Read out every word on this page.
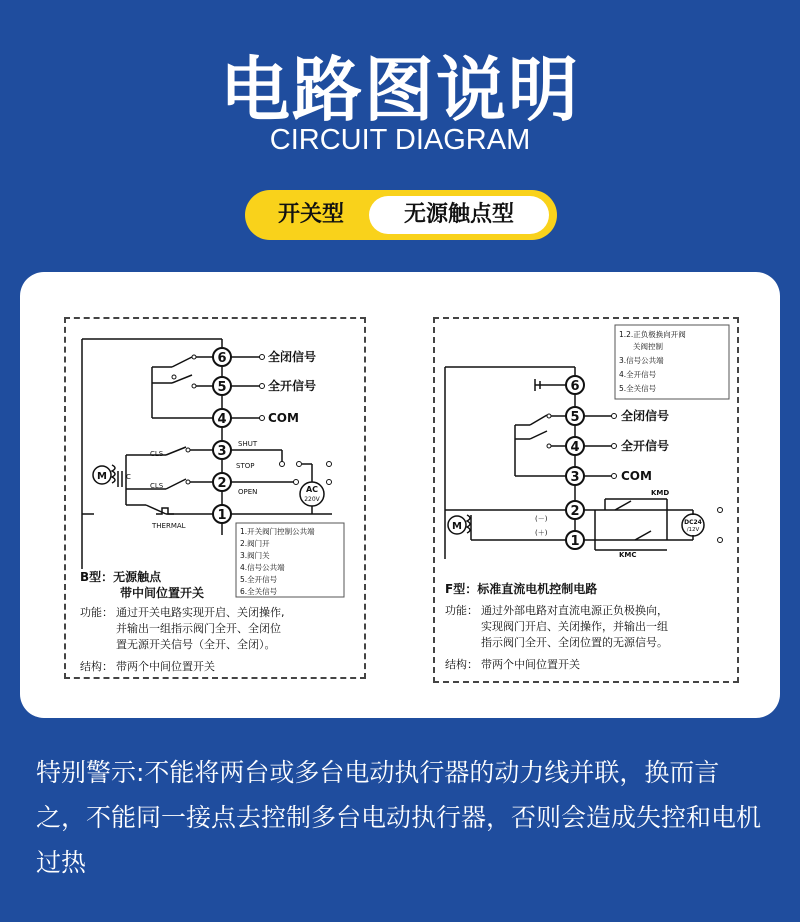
电路图说明
CIRCUIT DIAGRAM
开关型	无源触点型
6
5
4
3
2
1
全闭信号
全开信号
COM
SHUT
STOP
OPEN
CLS
CLS
C
THERMAL
AC
220V
M
1.开关阀门控制公共端
2.阀门开
3.阀门关
4.信号公共端
5.全开信号
6.全关信号
B型：无源触点
带中间位置开关
功能： 通过开关电路实现开启、关闭操作,
并输出一组指示阀门全开、全闭位
置无源开关信号（全开、全闭）。
结构： 带两个中间位置开关
1.2.正负极换向开阀
关阀控制
3.信号公共端
4.全开信号
5.全关信号
6
5
4
3
2
1
全闭信号
全开信号
COM
KMD
KMC
(－)
(＋)
DC24
/12V
M
F型：标准直流电机控制电路
功能： 通过外部电路对直流电源正负极换向，
实现阀门开启、关闭操作，并输出一组
指示阀门全开、全闭位置的无源信号。
结构： 带两个中间位置开关
特别警示:不能将两台或多台电动执行器的动力线并联，换而言之，不能同一接点去控制多台电动执行器，否则会造成失控和电机过热
